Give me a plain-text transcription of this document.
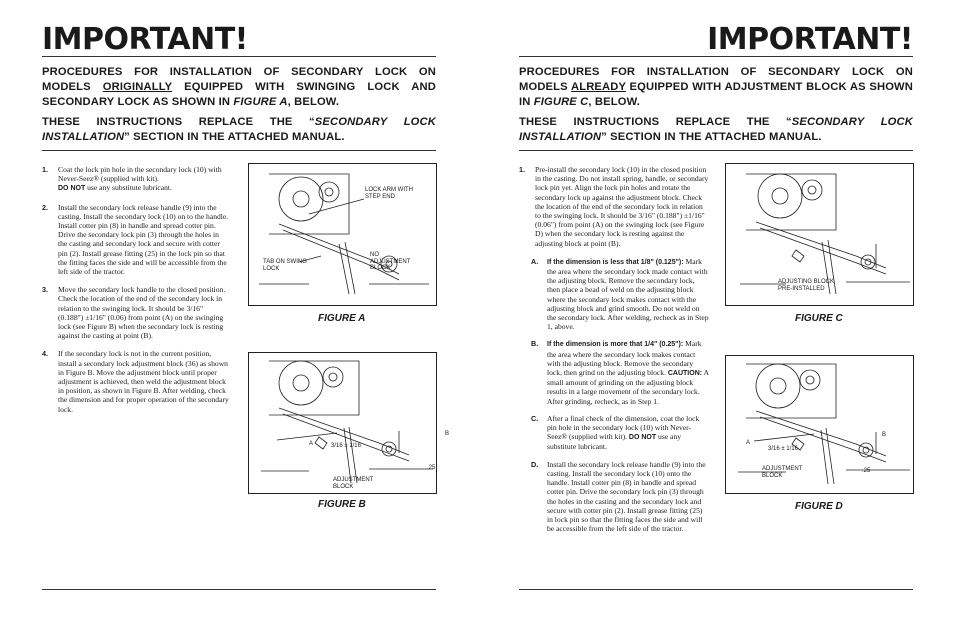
IMPORTANT!
PROCEDURES FOR INSTALLATION OF SECONDARY LOCK ON MODELS ORIGINALLY EQUIPPED WITH SWINGING LOCK AND SECONDARY LOCK AS SHOWN IN FIGURE A, BELOW.
THESE INSTRUCTIONS REPLACE THE “SECONDARY LOCK INSTALLATION” SECTION IN THE ATTACHED MANUAL.
1. Coat the lock pin hole in the secondary lock (10) with Never-Seez® (supplied with kit).
DO NOT use any substitute lubricant.
2. Install the secondary lock release handle (9) into the casting. Install the secondary lock (10) on to the handle. Install cotter pin (8) in handle and spread cotter pin. Drive the secondary lock pin (3) through the holes in the casting and secondary lock and secure with cotter pin (2). Install grease fitting (25) in the lock pin so that the fitting faces the side and will be accessible from the left side of the tractor.
3. Move the secondary lock handle to the closed position. Check the location of the end of the secondary lock in relation to the swinging lock. It should be 3/16" (0.188") ±1/16" (0.06) from point (A) on the swinging lock (see Figure B) when the secondary lock is resting against the casting at point (B).
4. If the secondary lock is not in the current position, install a secondary lock adjustment block (36) as shown in Figure B. Move the adjustment block until proper adjustment is achieved, then weld the adjustment block in position, as shown in Figure B. After welding, check the dimension and for proper operation of the secondary lock.
LOCK ARM WITH STEP END
TAB ON SWING LOCK
NO ADJUSTMENT BLOCK
FIGURE A
A
B
3/16 ± 1/16
.25
ADJUSTMENT BLOCK
FIGURE B
IMPORTANT!
PROCEDURES FOR INSTALLATION OF SECONDARY LOCK ON MODELS ALREADY EQUIPPED WITH ADJUSTMENT BLOCK AS SHOWN IN FIGURE C, BELOW.
THESE INSTRUCTIONS REPLACE THE “SECONDARY LOCK INSTALLATION” SECTION IN THE ATTACHED MANUAL.
1. Pre-install the secondary lock (10) in the closed position in the casting. Do not install spring, handle, or secondary lock pin yet. Align the lock pin holes and rotate the secondary lock up against the adjustment block. Check the location of the end of the secondary lock in relation to the swinging lock. It should be 3/16" (0.188") ±1/16" (0.06") from point (A) on the swinging lock (see Figure D) when the secondary lock is resting against the adjusting block at point (B).
A. If the dimension is less that 1/8" (0.125"): Mark the area where the secondary lock made contact with the adjusting block. Remove the secondary lock, then place a bead of weld on the adjusting block where the secondary lock makes contact with the adjusting block and grind smooth. Do not weld on the secondary lock. After welding, recheck as in Step 1, above.
B. If the dimension is more that 1/4" (0.25"): Mark the area where the secondary lock makes contact with the adjusting block. Remove the secondary lock, then grind on the adjusting block. CAUTION: A small amount of grinding on the adjusting block results in a large movement of the secondary lock. After grinding, recheck, as in Step 1.
C. After a final check of the dimension, coat the lock pin hole in the secondary lock (10) with Never-Seez® (supplied with kit). DO NOT use any substitute lubricant.
D. Install the secondary lock release handle (9) into the casting. Install the secondary lock (10) onto the handle. Install cotter pin (8) in handle and spread cotter pin. Drive the secondary lock pin (3) through the holes in the casting and the secondary lock and secure with cotter pin (2). Install grease fitting (25) in lock pin so that the fitting faces the side and will be accessible from the left side of the tractor.
ADJUSTING BLOCK PRE-INSTALLED
FIGURE C
A
B
3/16 ± 1/16
.25
ADJUSTMENT BLOCK
FIGURE D
